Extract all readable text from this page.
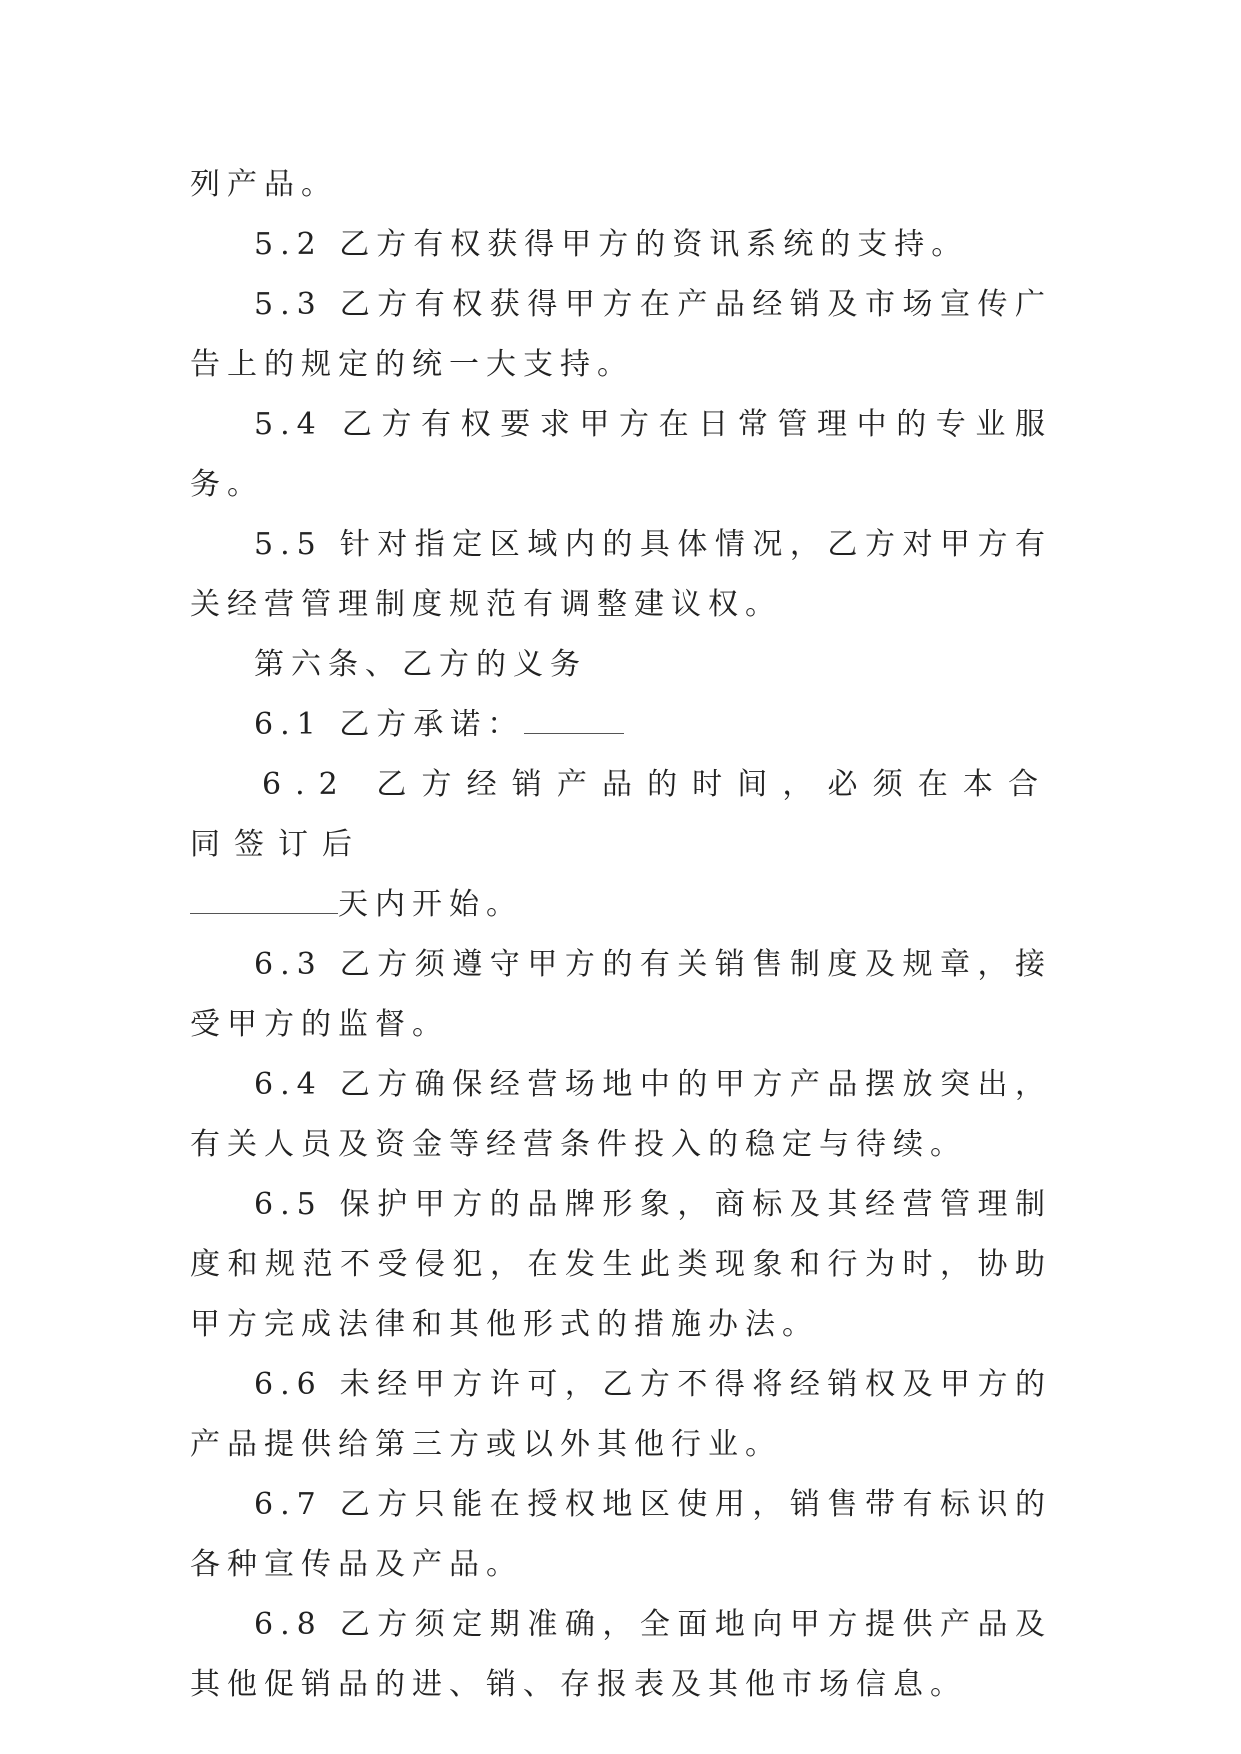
列产品。

5.2 乙方有权获得甲方的资讯系统的支持。

5.3 乙方有权获得甲方在产品经销及市场宣传广告上的规定的统一大支持。

5.4 乙方有权要求甲方在日常管理中的专业服务。

5.5 针对指定区域内的具体情况，乙方对甲方有关经营管理制度规范有调整建议权。

第六条、乙方的义务

6.1 乙方承诺：

6.2 乙方经销产品的时间，必须在本合同签订后

天内开始。

6.3 乙方须遵守甲方的有关销售制度及规章，接受甲方的监督。

6.4 乙方确保经营场地中的甲方产品摆放突出，有关人员及资金等经营条件投入的稳定与待续。

6.5 保护甲方的品牌形象，商标及其经营管理制度和规范不受侵犯，在发生此类现象和行为时，协助甲方完成法律和其他形式的措施办法。

6.6 未经甲方许可，乙方不得将经销权及甲方的产品提供给第三方或以外其他行业。

6.7 乙方只能在授权地区使用，销售带有标识的各种宣传品及产品。

6.8 乙方须定期准确，全面地向甲方提供产品及其他促销品的进、销、存报表及其他市场信息。
